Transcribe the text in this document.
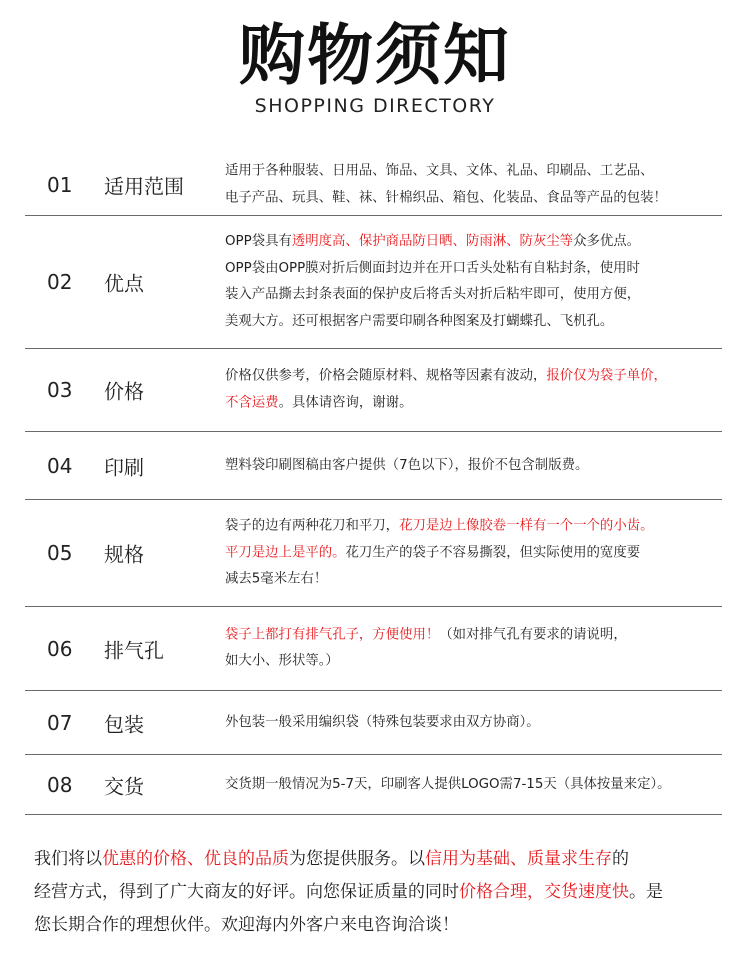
购物须知
SHOPPING DIRECTORY
01 适用范围

适用于各种服装、日用品、饰品、文具、文体、礼品、印刷品、工艺品、

电子产品、玩具、鞋、袜、针棉织品、箱包、化装品、食品等产品的包装！

02 优点

OPP袋具有透明度高、保护商品防日晒、防雨淋、防灰尘等众多优点。

OPP袋由OPP膜对折后侧面封边并在开口舌头处粘有自粘封条，使用时

装入产品撕去封条表面的保护皮后将舌头对折后粘牢即可，使用方便，

美观大方。还可根据客户需要印刷各种图案及打蝴蝶孔、飞机孔。

03 价格

价格仅供参考，价格会随原材料、规格等因素有波动，报价仅为袋子单价，

不含运费。具体请咨询，谢谢。

04 印刷	塑料袋印刷图稿由客户提供（7色以下），报价不包含制版费。

05 规格

袋子的边有两种花刀和平刀，花刀是边上像胶卷一样有一个一个的小齿。

平刀是边上是平的。花刀生产的袋子不容易撕裂，但实际使用的宽度要

减去5毫米左右！

06 排气孔

袋子上都打有排气孔子，方便使用！（如对排气孔有要求的请说明，

如大小、形状等。）

07 包装	外包装一般采用编织袋（特殊包装要求由双方协商）。

08 交货	交货期一般情况为5-7天，印刷客人提供LOGO需7-15天（具体按量来定）。

我们将以优惠的价格、优良的品质为您提供服务。以信用为基础、质量求生存的

经营方式，得到了广大商友的好评。向您保证质量的同时价格合理，交货速度快。是

您长期合作的理想伙伴。欢迎海内外客户来电咨询洽谈！
